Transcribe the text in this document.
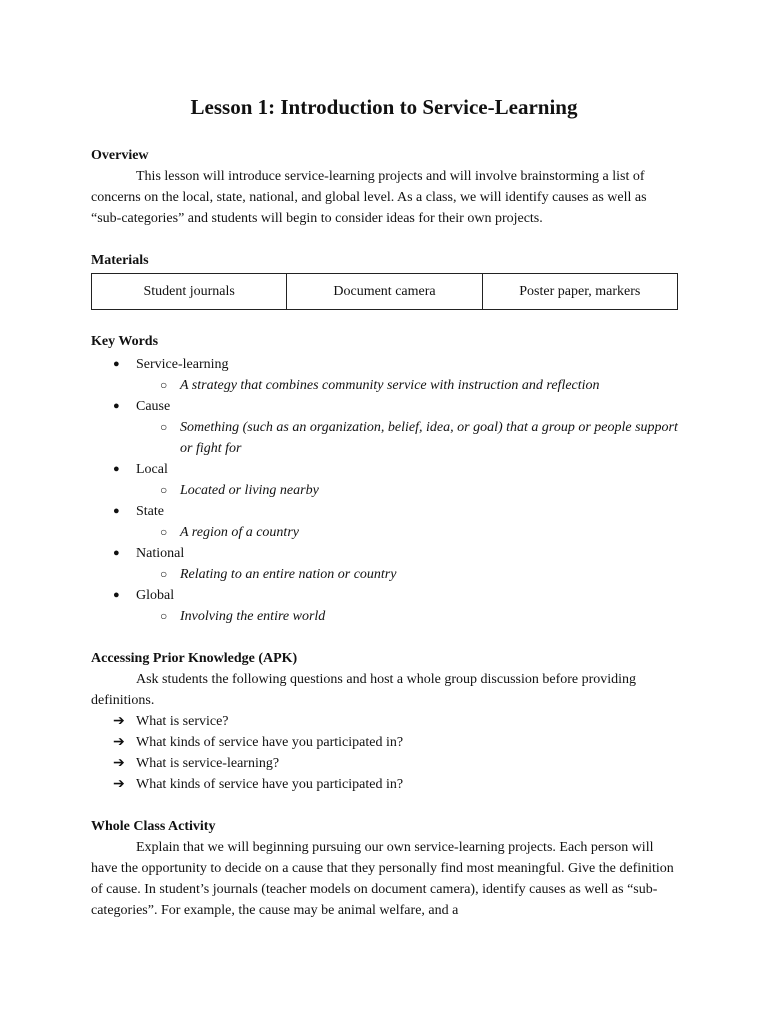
Lesson 1: Introduction to Service-Learning
Overview

This lesson will introduce service-learning projects and will involve brainstorming a list of concerns on the local, state, national, and global level. As a class, we will identify causes as well as “sub-categories” and students will begin to consider ideas for their own projects.

Materials
Student journals	Document camera	Poster paper, markers
Key Words
● Service-learning
○ A strategy that combines community service with instruction and reflection
● Cause
○ Something (such as an organization, belief, idea, or goal) that a group or people support or fight for
● Local
○ Located or living nearby
● State
○ A region of a country
● National
○ Relating to an entire nation or country
● Global
○ Involving the entire world
Accessing Prior Knowledge (APK)

Ask students the following questions and host a whole group discussion before providing definitions.

➔ What is service?
➔ What kinds of service have you participated in?
➔ What is service-learning?
➔ What kinds of service have you participated in?
Whole Class Activity

Explain that we will beginning pursuing our own service-learning projects. Each person will have the opportunity to decide on a cause that they personally find most meaningful. Give the definition of cause. In student’s journals (teacher models on document camera), identify causes as well as “sub-categories”. For example, the cause may be animal welfare, and a
